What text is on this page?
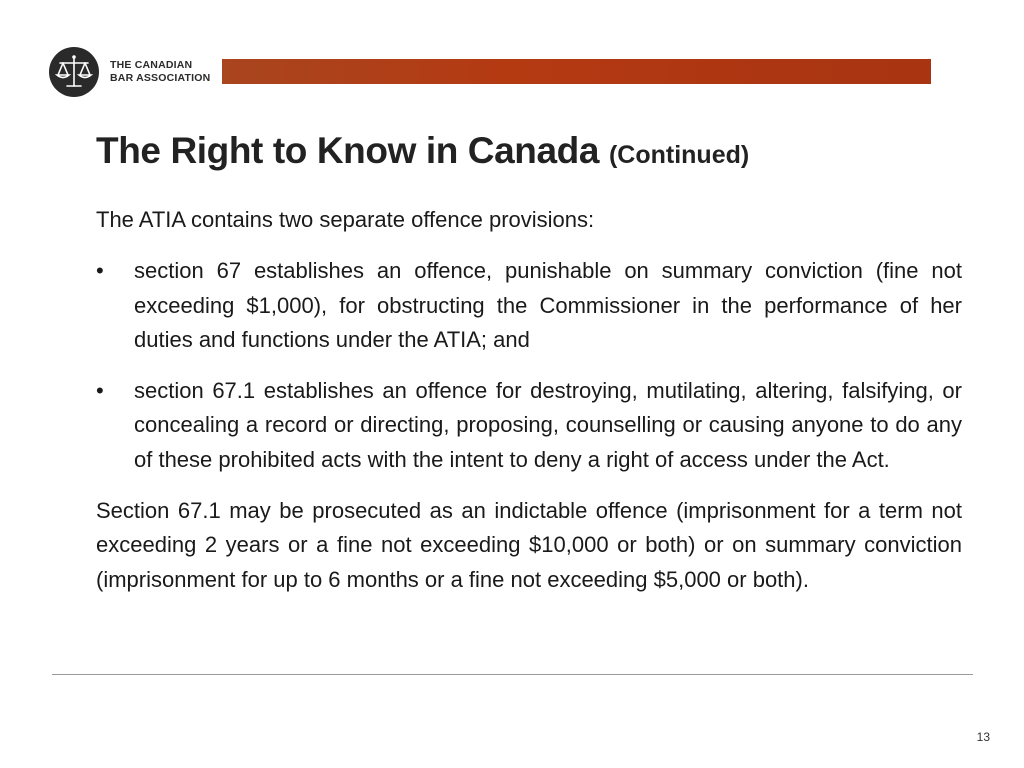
THE CANADIAN
BAR ASSOCIATION
The Right to Know in Canada (Continued)

The ATIA contains two separate offence provisions:

• section 67 establishes an offence, punishable on summary conviction (fine not exceeding $1,000), for obstructing the Commissioner in the performance of her duties and functions under the ATIA; and
• section 67.1 establishes an offence for destroying, mutilating, altering, falsifying, or concealing a record or directing, proposing, counselling or causing anyone to do any of these prohibited acts with the intent to deny a right of access under the Act.

Section 67.1 may be prosecuted as an indictable offence (imprisonment for a term not exceeding 2 years or a fine not exceeding $10,000 or both) or on summary conviction (imprisonment for up to 6 months or a fine not exceeding $5,000 or both).

13
